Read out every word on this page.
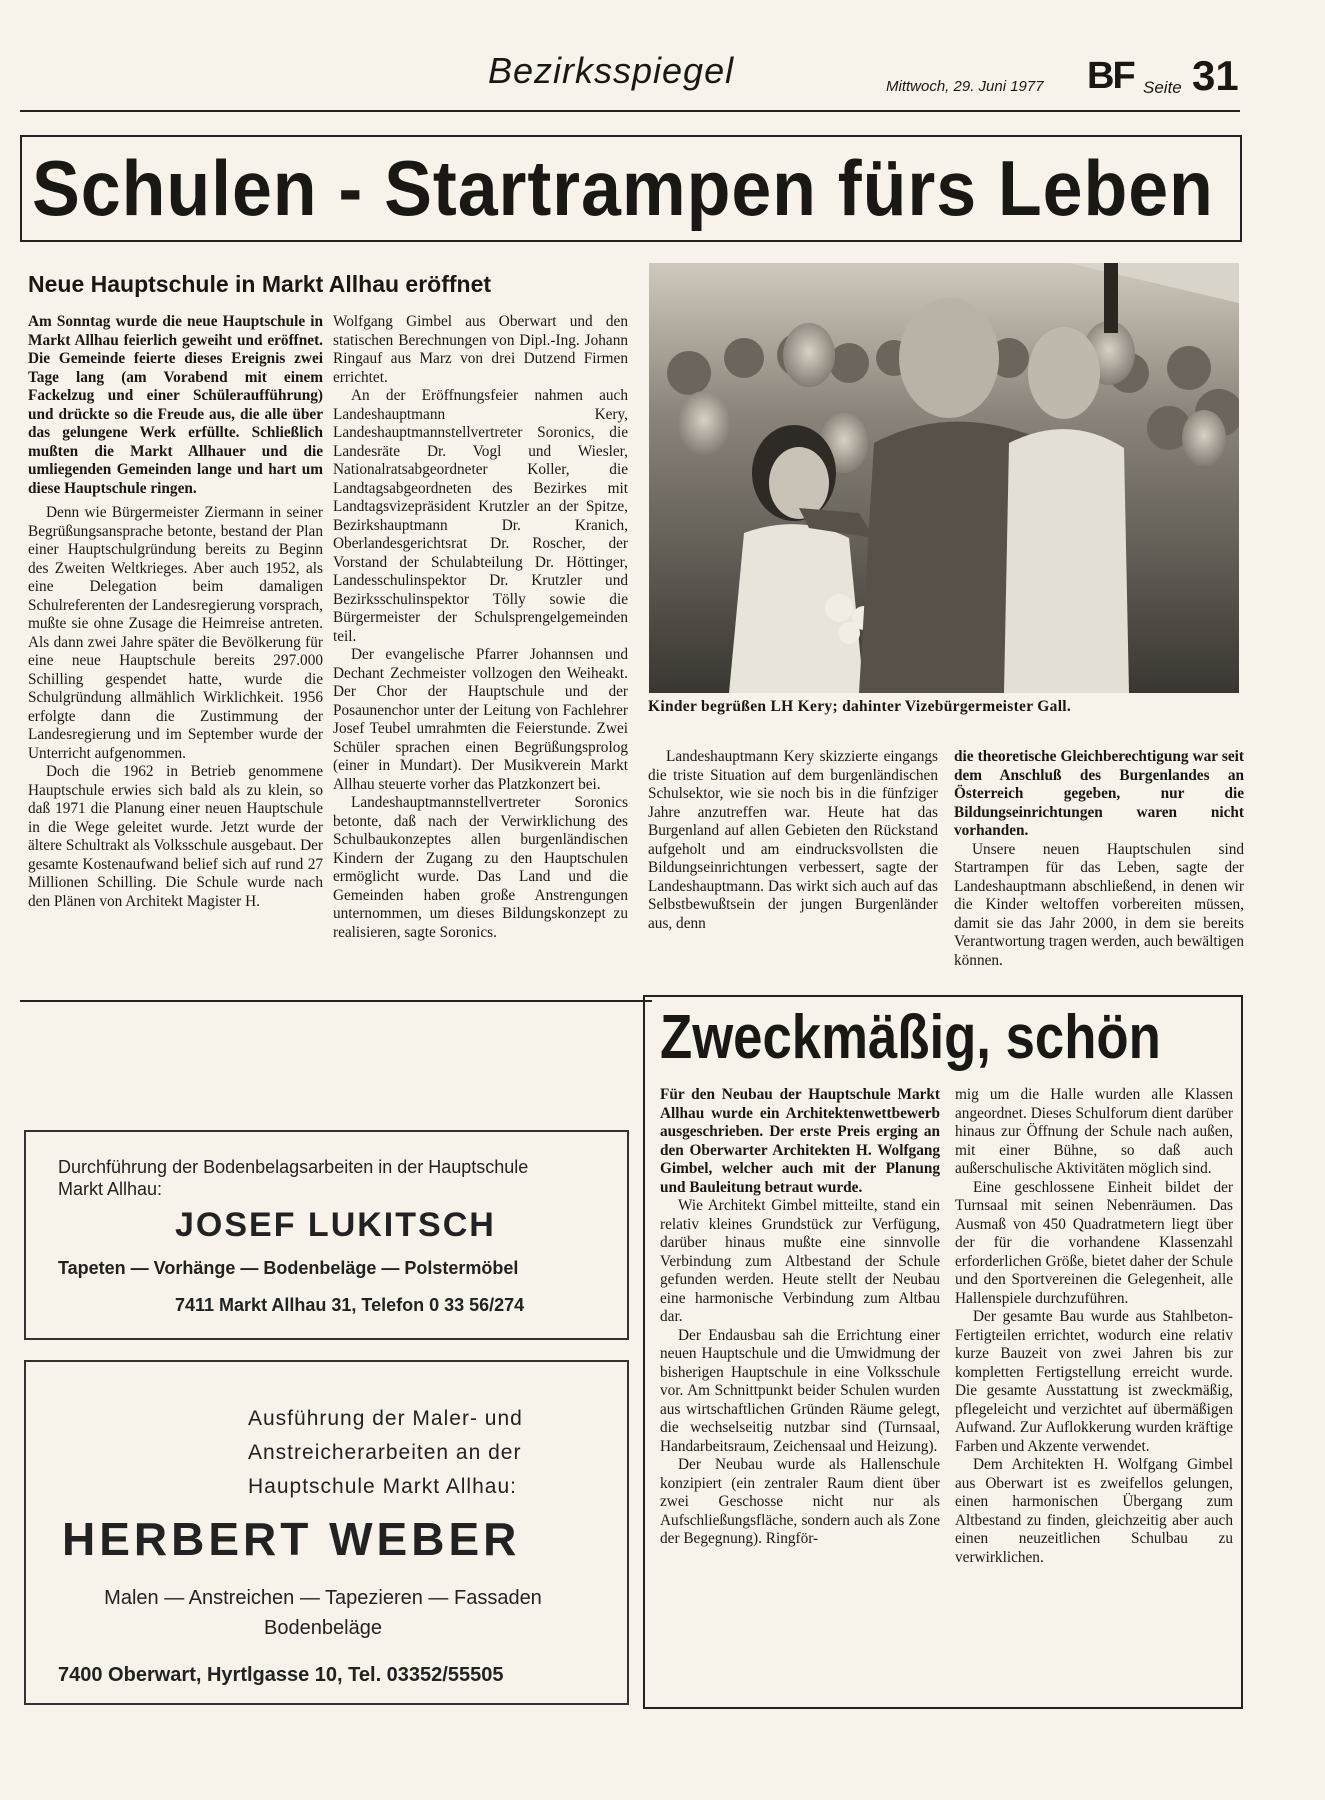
Bezirksspiegel	Mittwoch, 29. Juni 1977 BF Seite 31
Schulen - Startrampen fürs Leben
Neue Hauptschule in Markt Allhau eröffnet

Am Sonntag wurde die neue Hauptschule in Markt Allhau feierlich geweiht und eröffnet. Die Gemeinde feierte dieses Ereignis zwei Tage lang (am Vorabend mit einem Fackelzug und einer Schüleraufführung) und drückte so die Freude aus, die alle über das gelungene Werk erfüllte. Schließlich mußten die Markt Allhauer und die umliegenden Gemeinden lange und hart um diese Hauptschule ringen.

Denn wie Bürgermeister Ziermann in seiner Begrüßungsansprache betonte, bestand der Plan einer Hauptschulgründung bereits zu Beginn des Zweiten Weltkrieges. Aber auch 1952, als eine Delegation beim damaligen Schulreferenten der Landesregierung vorsprach, mußte sie ohne Zusage die Heimreise antreten. Als dann zwei Jahre später die Bevölkerung für eine neue Hauptschule bereits 297.000 Schilling gespendet hatte, wurde die Schulgründung allmählich Wirklichkeit. 1956 erfolgte dann die Zustimmung der Landesregierung und im September wurde der Unterricht aufgenommen.

Doch die 1962 in Betrieb genommene Hauptschule erwies sich bald als zu klein, so daß 1971 die Planung einer neuen Hauptschule in die Wege geleitet wurde. Jetzt wurde der ältere Schultrakt als Volksschule ausgebaut. Der gesamte Kostenaufwand belief sich auf rund 27 Millionen Schilling. Die Schule wurde nach den Plänen von Architekt Magister H.

Wolfgang Gimbel aus Oberwart und den statischen Berechnungen von Dipl.-Ing. Johann Ringauf aus Marz von drei Dutzend Firmen errichtet.

An der Eröffnungsfeier nahmen auch Landeshauptmann Kery, Landeshauptmannstellvertreter Soronics, die Landesräte Dr. Vogl und Wiesler, Nationalratsabgeordneter Koller, die Landtagsabgeordneten des Bezirkes mit Landtagsvizepräsident Krutzler an der Spitze, Bezirkshauptmann Dr. Kranich, Oberlandesgerichtsrat Dr. Roscher, der Vorstand der Schulabteilung Dr. Höttinger, Landesschulinspektor Dr. Krutzler und Bezirksschulinspektor Tölly sowie die Bürgermeister der Schulsprengelgemeinden teil.

Der evangelische Pfarrer Johannsen und Dechant Zechmeister vollzogen den Weiheakt. Der Chor der Hauptschule und der Posaunenchor unter der Leitung von Fachlehrer Josef Teubel umrahmten die Feierstunde. Zwei Schüler sprachen einen Begrüßungsprolog (einer in Mundart). Der Musikverein Markt Allhau steuerte vorher das Platzkonzert bei.

Landeshauptmannstellvertreter Soronics betonte, daß nach der Verwirklichung des Schulbaukonzeptes allen burgenländischen Kindern der Zugang zu den Hauptschulen ermöglicht wurde. Das Land und die Gemeinden haben große Anstrengungen unternommen, um dieses Bildungskonzept zu realisieren, sagte Soronics.

Kinder begrüßen LH Kery; dahinter Vizebürgermeister Gall.

Landeshauptmann Kery skizzierte eingangs die triste Situation auf dem burgenländischen Schulsektor, wie sie noch bis in die fünfziger Jahre anzutreffen war. Heute hat das Burgenland auf allen Gebieten den Rückstand aufgeholt und am eindrucksvollsten die Bildungseinrichtungen verbessert, sagte der Landeshauptmann. Das wirkt sich auch auf das Selbstbewußtsein der jungen Burgenländer aus, denn

die theoretische Gleichberechtigung war seit dem Anschluß des Burgenlandes an Österreich gegeben, nur die Bildungseinrichtungen waren nicht vorhanden.

Unsere neuen Hauptschulen sind Startrampen für das Leben, sagte der Landeshauptmann abschließend, in denen wir die Kinder weltoffen vorbereiten müssen, damit sie das Jahr 2000, in dem sie bereits Verantwortung tragen werden, auch bewältigen können.

Zweckmäßig, schön

Für den Neubau der Hauptschule Markt Allhau wurde ein Architektenwettbewerb ausgeschrieben. Der erste Preis erging an den Oberwarter Architekten H. Wolfgang Gimbel, welcher auch mit der Planung und Bauleitung betraut wurde.

Wie Architekt Gimbel mitteilte, stand ein relativ kleines Grundstück zur Verfügung, darüber hinaus mußte eine sinnvolle Verbindung zum Altbestand der Schule gefunden werden. Heute stellt der Neubau eine harmonische Verbindung zum Altbau dar.

Der Endausbau sah die Errichtung einer neuen Hauptschule und die Umwidmung der bisherigen Hauptschule in eine Volksschule vor. Am Schnittpunkt beider Schulen wurden aus wirtschaftlichen Gründen Räume gelegt, die wechselseitig nutzbar sind (Turnsaal, Handarbeitsraum, Zeichensaal und Heizung).

Der Neubau wurde als Hallenschule konzipiert (ein zentraler Raum dient über zwei Geschosse nicht nur als Aufschließungsfläche, sondern auch als Zone der Begegnung). Ringför-

mig um die Halle wurden alle Klassen angeordnet. Dieses Schulforum dient darüber hinaus zur Öffnung der Schule nach außen, mit einer Bühne, so daß auch außerschulische Aktivitäten möglich sind.

Eine geschlossene Einheit bildet der Turnsaal mit seinen Nebenräumen. Das Ausmaß von 450 Quadratmetern liegt über der für die vorhandene Klassenzahl erforderlichen Größe, bietet daher der Schule und den Sportvereinen die Gelegenheit, alle Hallenspiele durchzuführen.

Der gesamte Bau wurde aus Stahlbeton-Fertigteilen errichtet, wodurch eine relativ kurze Bauzeit von zwei Jahren bis zur kompletten Fertigstellung erreicht wurde. Die gesamte Ausstattung ist zweckmäßig, pflegeleicht und verzichtet auf übermäßigen Aufwand. Zur Auflokkerung wurden kräftige Farben und Akzente verwendet.

Dem Architekten H. Wolfgang Gimbel aus Oberwart ist es zweifellos gelungen, einen harmonischen Übergang zum Altbestand zu finden, gleichzeitig aber auch einen neuzeitlichen Schulbau zu verwirklichen.

Durchführung der Bodenbelagsarbeiten in der Hauptschule
Markt Allhau:
JOSEF LUKITSCH
Tapeten — Vorhänge — Bodenbeläge — Polstermöbel
7411 Markt Allhau 31, Telefon 0 33 56/274
Ausführung der Maler- und
Anstreicherarbeiten an der
Hauptschule Markt Allhau:
HERBERT WEBER
Malen — Anstreichen — Tapezieren — Fassaden
Bodenbeläge
7400 Oberwart, Hyrtlgasse 10, Tel. 03352/55505
